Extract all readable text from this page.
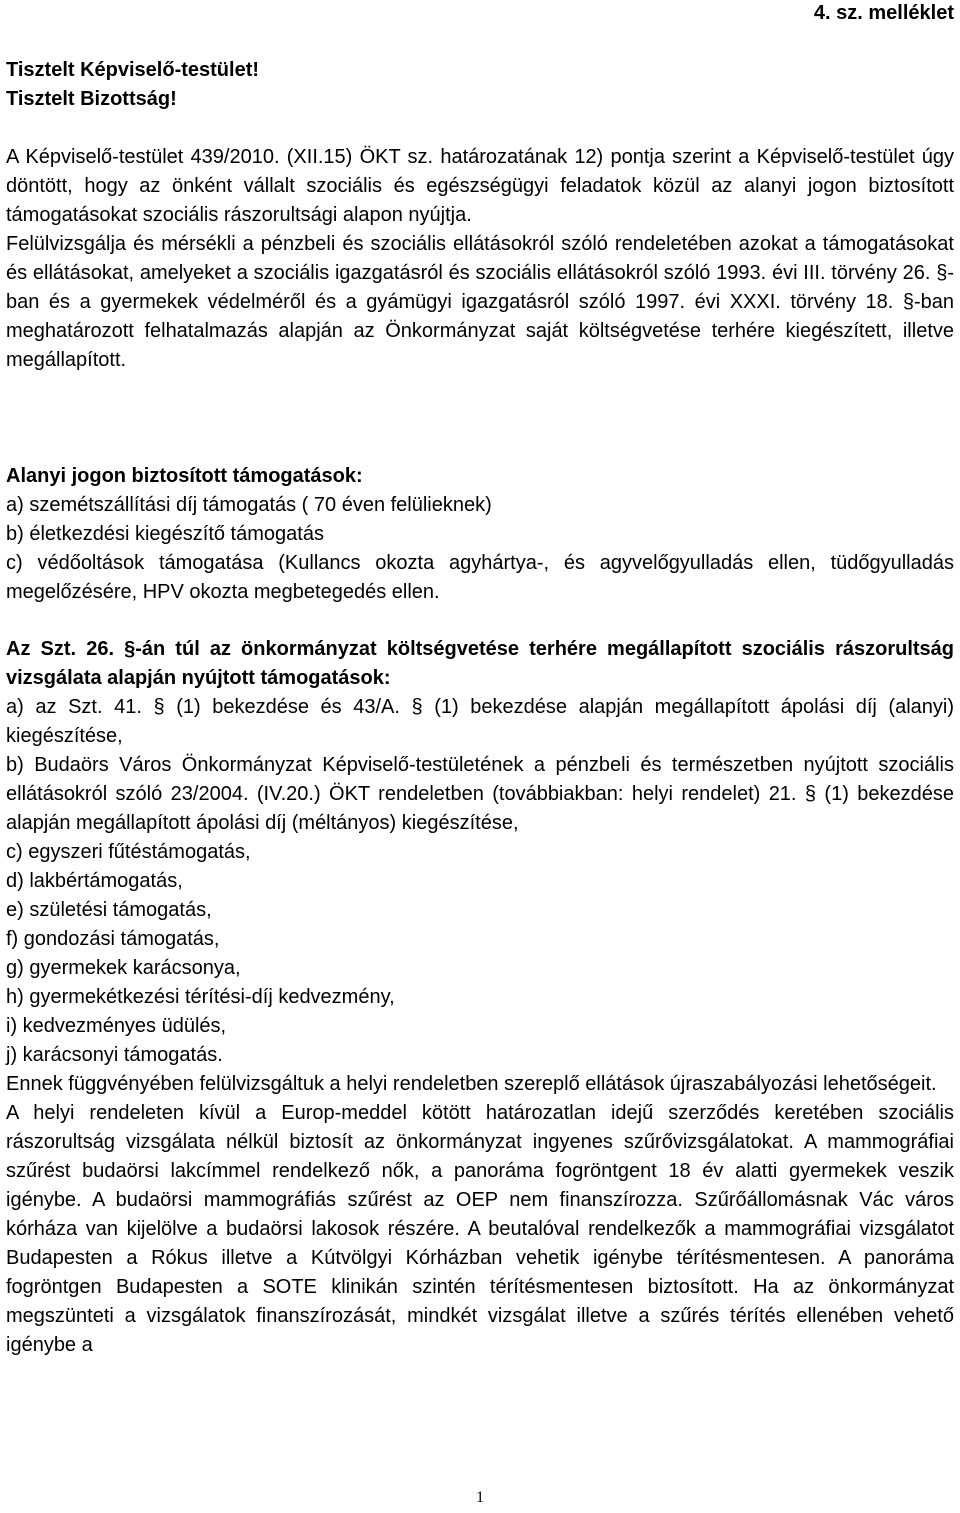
4. sz. melléklet

Tisztelt Képviselő-testület!

Tisztelt Bizottság!

A Képviselő-testület 439/2010. (XII.15) ÖKT sz. határozatának 12) pontja szerint a Képviselő-testület úgy döntött, hogy az önként vállalt szociális és egészségügyi feladatok közül az alanyi jogon biztosított támogatásokat szociális rászorultsági alapon nyújtja.

Felülvizsgálja és mérsékli a pénzbeli és szociális ellátásokról szóló rendeletében azokat a támogatásokat és ellátásokat, amelyeket a szociális igazgatásról és szociális ellátásokról szóló 1993. évi III. törvény 26. §-ban és a gyermekek védelméről és a gyámügyi igazgatásról szóló 1997. évi XXXI. törvény 18. §-ban meghatározott felhatalmazás alapján az Önkormányzat saját költségvetése terhére kiegészített, illetve megállapított.

Alanyi jogon biztosított támogatások:

a) szemétszállítási díj támogatás ( 70 éven felülieknek)

b) életkezdési kiegészítő támogatás

c) védőoltások támogatása (Kullancs okozta agyhártya-, és agyvelőgyulladás ellen, tüdőgyulladás megelőzésére, HPV okozta megbetegedés ellen.

Az Szt. 26. §-án túl az önkormányzat költségvetése terhére megállapított szociális rászorultság vizsgálata alapján nyújtott támogatások:

a) az Szt. 41. § (1) bekezdése és 43/A. § (1) bekezdése alapján megállapított ápolási díj (alanyi) kiegészítése,

b) Budaörs Város Önkormányzat Képviselő-testületének a pénzbeli és természetben nyújtott szociális ellátásokról szóló 23/2004. (IV.20.) ÖKT rendeletben (továbbiakban: helyi rendelet) 21. § (1) bekezdése alapján megállapított ápolási díj (méltányos) kiegészítése,

c) egyszeri fűtéstámogatás,

d) lakbértámogatás,

e) születési támogatás,

f) gondozási támogatás,

g) gyermekek karácsonya,

h) gyermekétkezési térítési-díj kedvezmény,

i) kedvezményes üdülés,

j) karácsonyi támogatás.

Ennek függvényében felülvizsgáltuk a helyi rendeletben szereplő ellátások újraszabályozási lehetőségeit.

A helyi rendeleten kívül a Europ-meddel kötött határozatlan idejű szerződés keretében szociális rászorultság vizsgálata nélkül biztosít az önkormányzat ingyenes szűrővizsgálatokat. A mammográfiai szűrést budaörsi lakcímmel rendelkező nők, a panoráma fogröntgent 18 év alatti gyermekek veszik igénybe. A budaörsi mammográfiás szűrést az OEP nem finanszírozza. Szűrőállomásnak Vác város kórháza van kijelölve a budaörsi lakosok részére. A beutalóval rendelkezők a mammográfiai vizsgálatot Budapesten a Rókus illetve a Kútvölgyi Kórházban vehetik igénybe térítésmentesen. A panoráma fogröntgen Budapesten a SOTE klinikán szintén térítésmentesen biztosított. Ha az önkormányzat megszünteti a vizsgálatok finanszírozását, mindkét vizsgálat illetve a szűrés térítés ellenében vehető igénybe a

1
